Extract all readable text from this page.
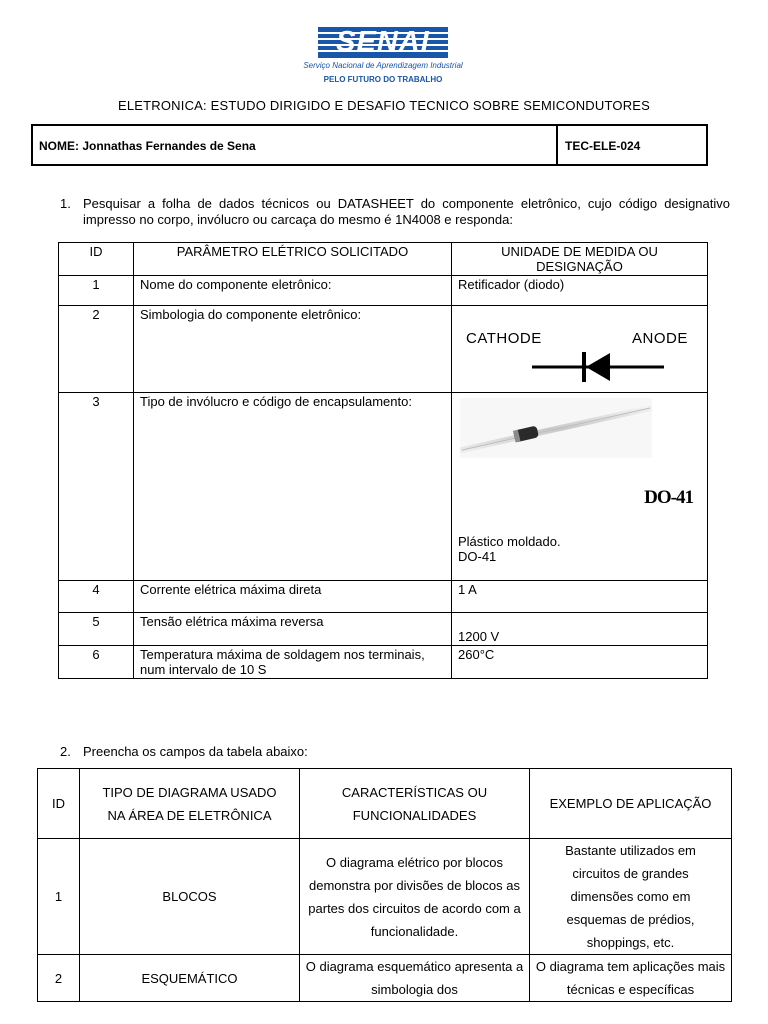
SENAI
Serviço Nacional de Aprendizagem Industrial
PELO FUTURO DO TRABALHO
ELETRONICA: ESTUDO DIRIGIDO E DESAFIO TECNICO SOBRE SEMICONDUTORES
NOME: Jonnathas Fernandes de Sena	TEC-ELE-024
1. Pesquisar a folha de dados técnicos ou DATASHEET do componente eletrônico, cujo código designativo impresso no corpo, invólucro ou carcaça do mesmo é 1N4008 e responda:
ID	PARÂMETRO ELÉTRICO SOLICITADO	UNIDADE DE MEDIDA OU DESIGNAÇÃO
1	Nome do componente eletrônico:	Retificador (diodo)
2	Simbologia do componente eletrônico:	CATHODE ANODE

3	Tipo de invólucro e código de encapsulamento:	DO-41
Plástico moldado.
DO-41

4	Corrente elétrica máxima direta	1 A
5	Tensão elétrica máxima reversa	1200 V
6	Temperatura máxima de soldagem nos terminais, num intervalo de 10 S	260°C
2. Preencha os campos da tabela abaixo:
ID	TIPO DE DIAGRAMA USADO NA ÁREA DE ELETRÔNICA	CARACTERÍSTICAS OU FUNCIONALIDADES	EXEMPLO DE APLICAÇÃO
1	BLOCOS	O diagrama elétrico por blocos demonstra por divisões de blocos as partes dos circuitos de acordo com a funcionalidade.	Bastante utilizados em circuitos de grandes dimensões como em esquemas de prédios, shoppings, etc.
2	ESQUEMÁTICO	O diagrama esquemático apresenta a simbologia dos	O diagrama tem aplicações mais técnicas e específicas
